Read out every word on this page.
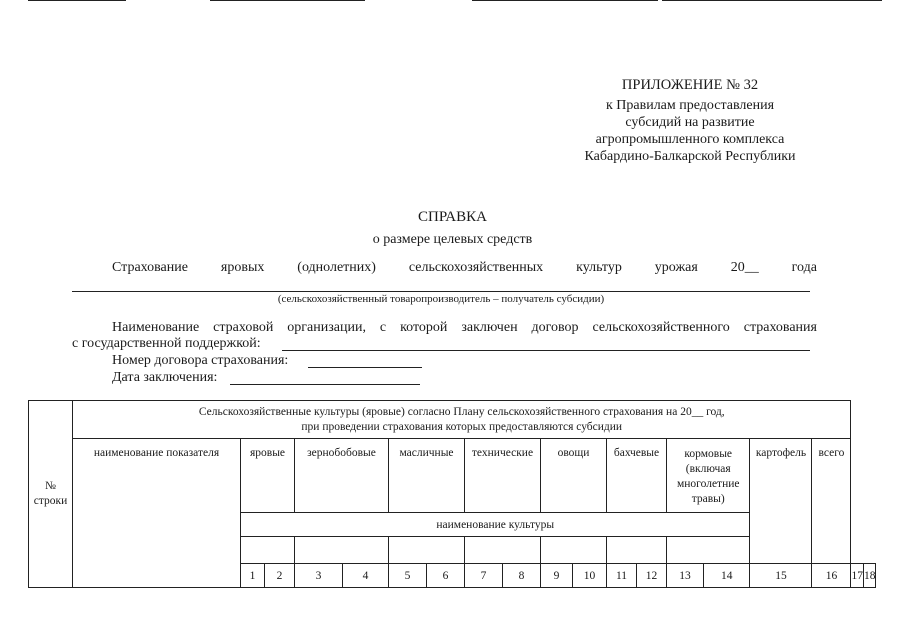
ПРИЛОЖЕНИЕ № 32
к Правилам предоставления
субсидий на развитие
агропромышленного комплекса
Кабардино-Балкарской Республики
СПРАВКА
о размере целевых средств
Страхование яровых (однолетних) сельскохозяйственных культур урожая 20__ года
(сельскохозяйственный товаропроизводитель – получатель субсидии)
Наименование страховой организации, с которой заключен договор сельскохозяйственного страхования
с государственной поддержкой:
Номер договора страхования:
Дата заключения:
№ строки	Сельскохозяйственные культуры (яровые) согласно Плану сельскохозяйственного страхования на 20__ год,
при проведении страхования которых предоставляются субсидии																		

	наименование показателя	яровые		зернобобовые		масличные		технические		овощи		бахчевые		кормовые (включая многолетние травы)		картофель	всего		
		наименование культуры																	

		1	2	3	4	5	6	7	8	9	10	11	12	13	14	15	16	17	18
